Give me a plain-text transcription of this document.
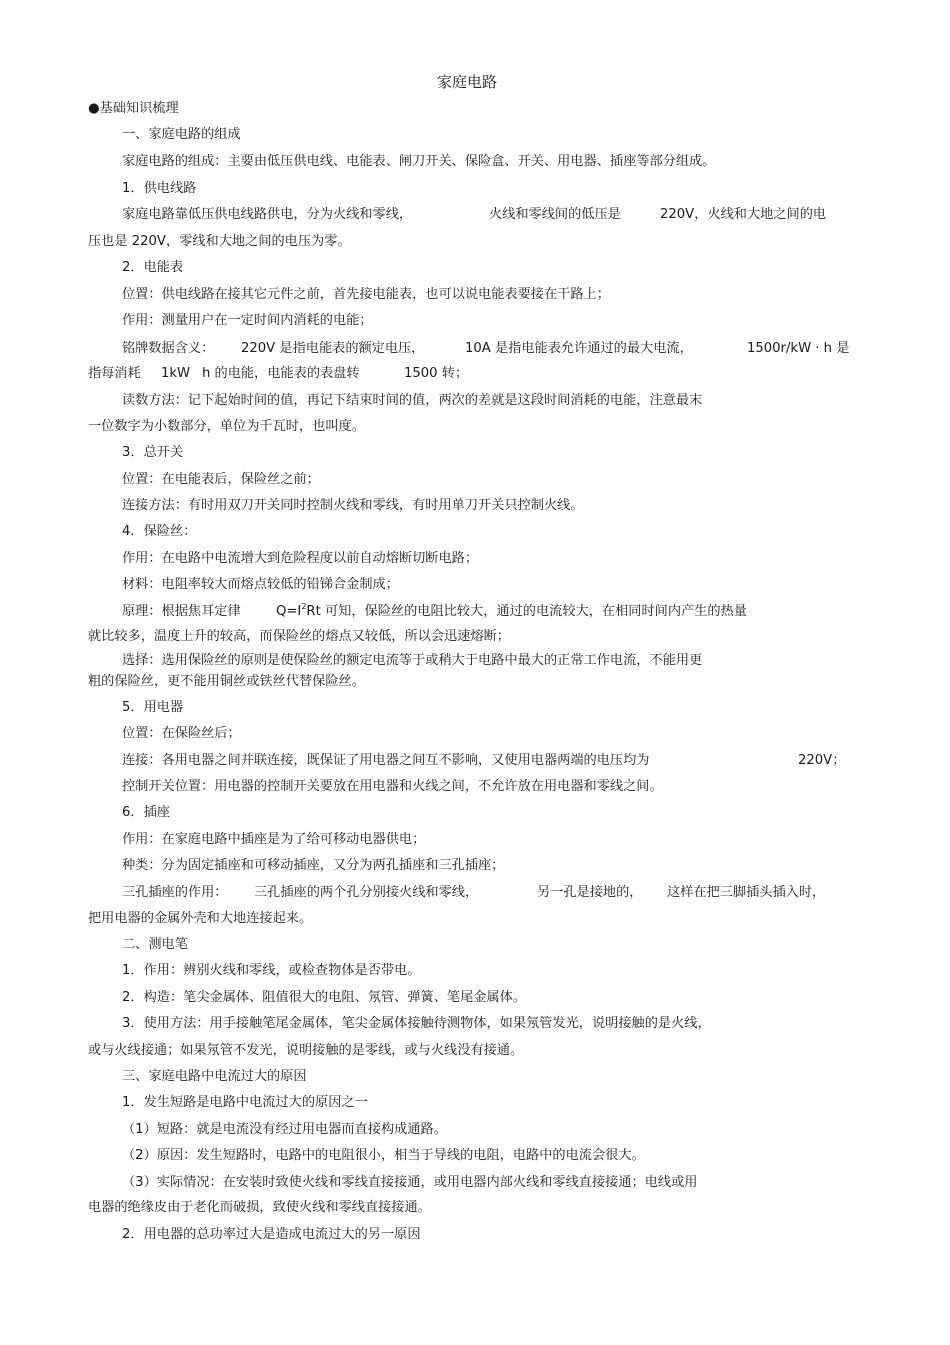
家庭电路
●基础知识梳理
一、家庭电路的组成
家庭电路的组成：主要由低压供电线、电能表、闸刀开关、保险盒、开关、用电器、插座等部分组成。
1．供电线路
家庭电路靠低压供电线路供电，分为火线和零线，	火线和零线间的低压是	220V，火线和大地之间的电
压也是 220V，零线和大地之间的电压为零。
2．电能表
位置：供电线路在接其它元件之前，首先接电能表，也可以说电能表要接在干路上；
作用：测量用户在一定时间内消耗的电能；
铭牌数据含义： 220V 是指电能表的额定电压，	10A 是指电能表允许通过的最大电流，	1500r/kW · h 是
指每消耗 1kW h 的电能，电能表的表盘转	1500 转；
读数方法：记下起始时间的值，再记下结束时间的值，两次的差就是这段时间消耗的电能，注意最末
一位数字为小数部分，单位为千瓦时，也叫度。
3．总开关
位置：在电能表后，保险丝之前；
连接方法：有时用双刀开关同时控制火线和零线，有时用单刀开关只控制火线。
4．保险丝：
作用：在电路中电流增大到危险程度以前自动熔断切断电路；
材料：电阻率较大而熔点较低的铅锑合金制成；
原理：根据焦耳定律	$Q=I^2Rt$ 可知，保险丝的电阻比较大，通过的电流较大，在相同时间内产生的热量
就比较多，温度上升的较高，而保险丝的熔点又较低，所以会迅速熔断；
选择：选用保险丝的原则是使保险丝的额定电流等于或稍大于电路中最大的正常工作电流，不能用更
粗的保险丝，更不能用铜丝或铁丝代替保险丝。
5．用电器
位置：在保险丝后；
连接：各用电器之间并联连接，既保证了用电器之间互不影响，又使用电器两端的电压均为	220V；
控制开关位置：用电器的控制开关要放在用电器和火线之间，不允许放在用电器和零线之间。
6．插座
作用：在家庭电路中插座是为了给可移动电器供电；
种类：分为固定插座和可移动插座，又分为两孔插座和三孔插座；
三孔插座的作用： 三孔插座的两个孔分别接火线和零线，	另一孔是接地的， 这样在把三脚插头插入时，
把用电器的金属外壳和大地连接起来。
二、测电笔
1．作用：辨别火线和零线，或检查物体是否带电。
2．构造：笔尖金属体、阻值很大的电阻、氖管、弹簧、笔尾金属体。
3．使用方法：用手接触笔尾金属体，笔尖金属体接触待测物体，如果氖管发光，说明接触的是火线，
或与火线接通；如果氖管不发光，说明接触的是零线，或与火线没有接通。
三、家庭电路中电流过大的原因
1．发生短路是电路中电流过大的原因之一
（1）短路：就是电流没有经过用电器而直接构成通路。
（2）原因：发生短路时，电路中的电阻很小，相当于导线的电阻，电路中的电流会很大。
（3）实际情况：在安装时致使火线和零线直接接通，或用电器内部火线和零线直接接通；电线或用
电器的绝缘皮由于老化而破损，致使火线和零线直接接通。
2．用电器的总功率过大是造成电流过大的另一原因
